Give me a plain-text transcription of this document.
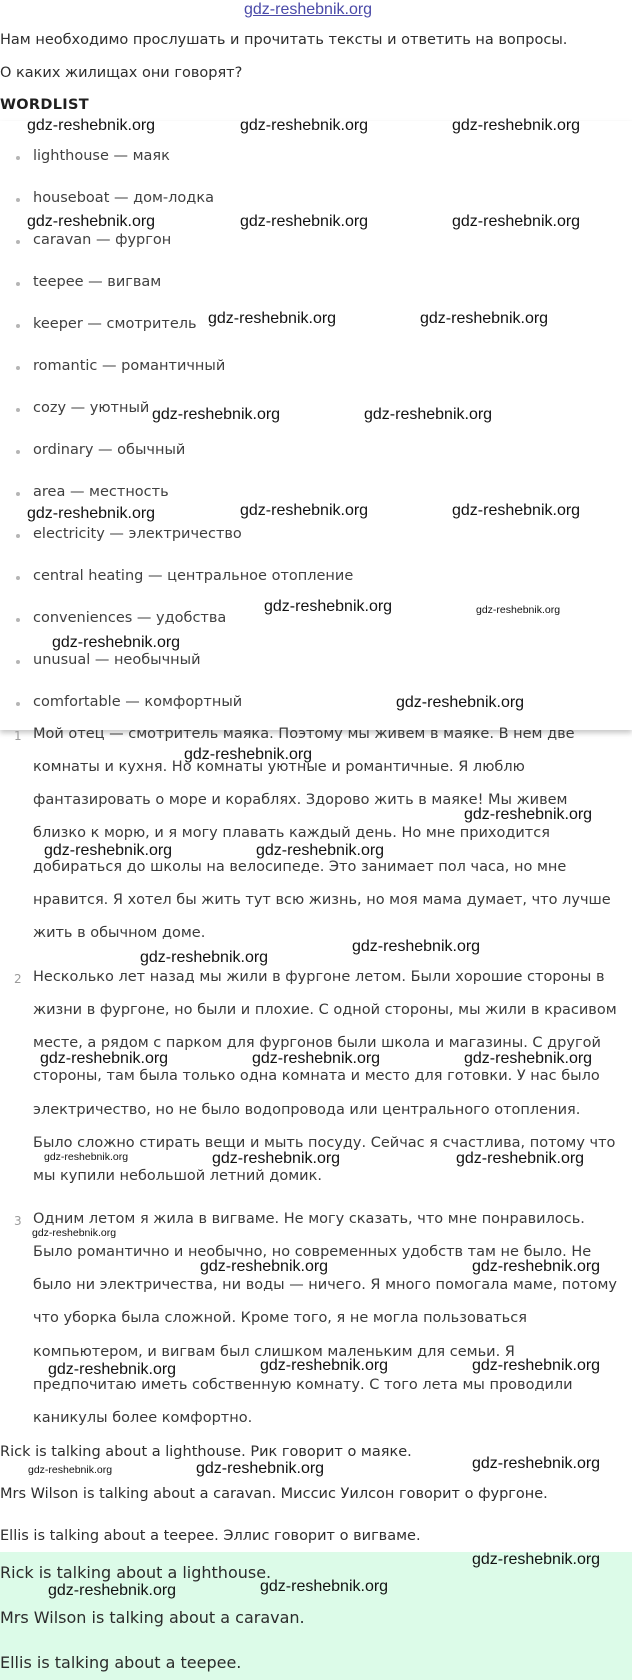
gdz-reshebnik.org
Нам необходимо прослушать и прочитать тексты и ответить на вопросы.
О каких жилищах они говорят?
WORDLIST
lighthouse — маяк
houseboat — дом-лодка
caravan — фургон
teepee — вигвам
keeper — смотритель
romantic — романтичный
cozy — уютный
ordinary — обычный
area — местность
electricity — электричество
central heating — центральное отопление
conveniences — удобства
unusual — необычный
comfortable — комфортный
1 Мой отец — смотритель маяка. Поэтому мы живем в маяке. В нем две
комнаты и кухня. Но комнаты уютные и романтичные. Я люблю
фантазировать о море и кораблях. Здорово жить в маяке! Мы живем
близко к морю, и я могу плавать каждый день. Но мне приходится
добираться до школы на велосипеде. Это занимает пол часа, но мне
нравится. Я хотел бы жить тут всю жизнь, но моя мама думает, что лучше
жить в обычном доме.
2 Несколько лет назад мы жили в фургоне летом. Были хорошие стороны в
жизни в фургоне, но были и плохие. С одной стороны, мы жили в красивом
месте, а рядом с парком для фургонов были школа и магазины. С другой
стороны, там была только одна комната и место для готовки. У нас было
электричество, но не было водопровода или центрального отопления.
Было сложно стирать вещи и мыть посуду. Сейчас я счастлива, потому что
мы купили небольшой летний домик.
3 Одним летом я жила в вигваме. Не могу сказать, что мне понравилось.
Было романтично и необычно, но современных удобств там не было. Не
было ни электричества, ни воды — ничего. Я много помогала маме, потому
что уборка была сложной. Кроме того, я не могла пользоваться
компьютером, и вигвам был слишком маленьким для семьи. Я
предпочитаю иметь собственную комнату. С того лета мы проводили
каникулы более комфортно.
Rick is talking about a lighthouse. Рик говорит о маяке.
Mrs Wilson is talking about a caravan. Миссис Уилсон говорит о фургоне.
Ellis is talking about a teepee. Эллис говорит о вигваме.
Rick is talking about a lighthouse.
Mrs Wilson is talking about a caravan.
Ellis is talking about a teepee.
gdz-reshebnik.org	gdz-reshebnik.org	gdz-reshebnik.org
gdz-reshebnik.org	gdz-reshebnik.org	gdz-reshebnik.org
gdz-reshebnik.org	gdz-reshebnik.org
gdz-reshebnik.org	gdz-reshebnik.org
gdz-reshebnik.org	gdz-reshebnik.org	gdz-reshebnik.org
gdz-reshebnik.org	gdz-reshebnik.org
gdz-reshebnik.org
gdz-reshebnik.org
gdz-reshebnik.org
gdz-reshebnik.org
gdz-reshebnik.org	gdz-reshebnik.org
gdz-reshebnik.org
gdz-reshebnik.org
gdz-reshebnik.org	gdz-reshebnik.org	gdz-reshebnik.org
gdz-reshebnik.org	gdz-reshebnik.org	gdz-reshebnik.org
gdz-reshebnik.org
gdz-reshebnik.org	gdz-reshebnik.org
gdz-reshebnik.org	gdz-reshebnik.org	gdz-reshebnik.org
gdz-reshebnik.org	gdz-reshebnik.org	gdz-reshebnik.org
gdz-reshebnik.org
gdz-reshebnik.org	gdz-reshebnik.org
